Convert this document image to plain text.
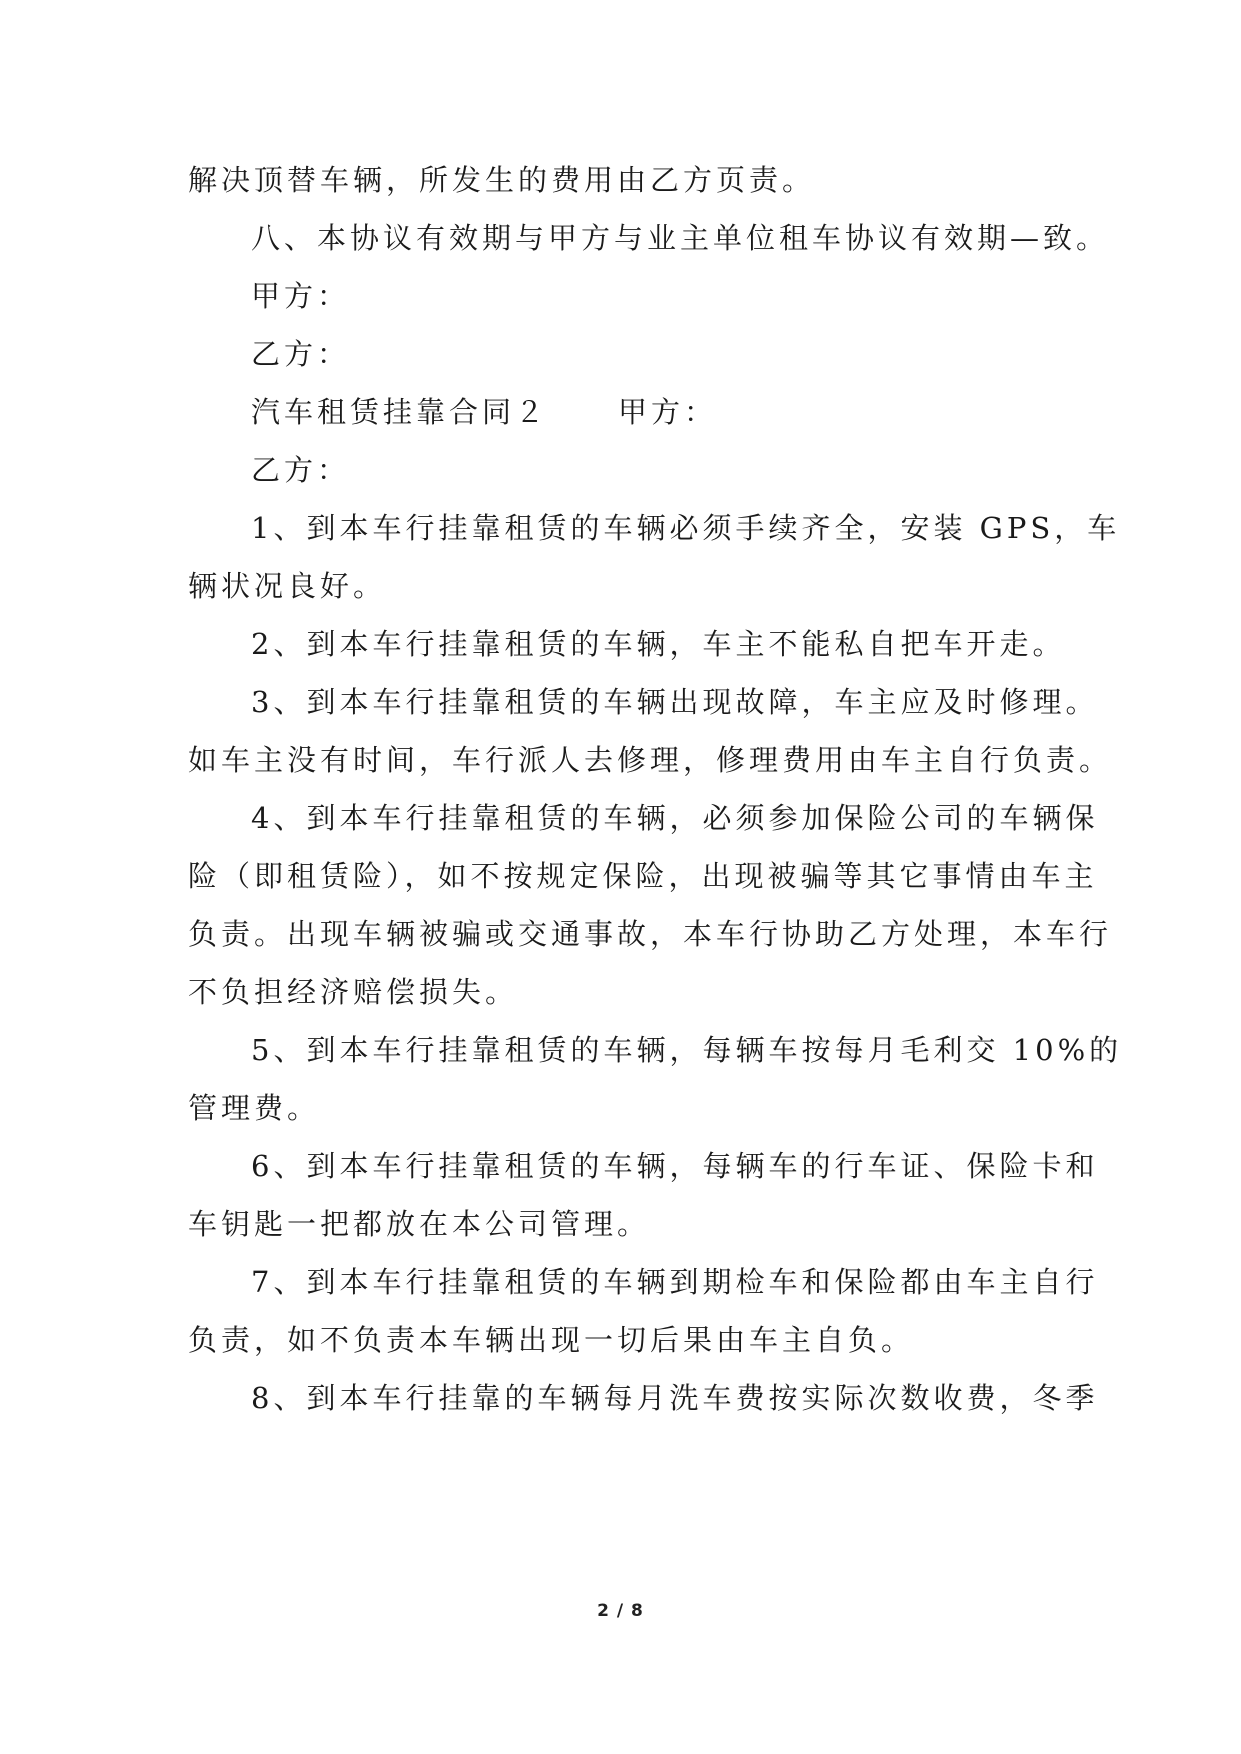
解决顶替车辆，所发生的费用由乙方页责。
八、本协议有效期与甲方与业主单位租车协议有效期—致。
甲方：
乙方：
汽车租赁挂靠合同２ 甲方：
乙方：
1、到本车行挂靠租赁的车辆必须手续齐全，安装 GPS，车
辆状况良好。
2、到本车行挂靠租赁的车辆，车主不能私自把车开走。
3、到本车行挂靠租赁的车辆出现故障，车主应及时修理。
如车主没有时间，车行派人去修理，修理费用由车主自行负责。
4、到本车行挂靠租赁的车辆，必须参加保险公司的车辆保
险（即租赁险），如不按规定保险，出现被骗等其它事情由车主
负责。出现车辆被骗或交通事故，本车行协助乙方处理，本车行
不负担经济赔偿损失。
5、到本车行挂靠租赁的车辆，每辆车按每月毛利交 10%的
管理费。
6、到本车行挂靠租赁的车辆，每辆车的行车证、保险卡和
车钥匙一把都放在本公司管理。
7、到本车行挂靠租赁的车辆到期检车和保险都由车主自行
负责，如不负责本车辆出现一切后果由车主自负。
8、到本车行挂靠的车辆每月洗车费按实际次数收费，冬季
2 / 8
